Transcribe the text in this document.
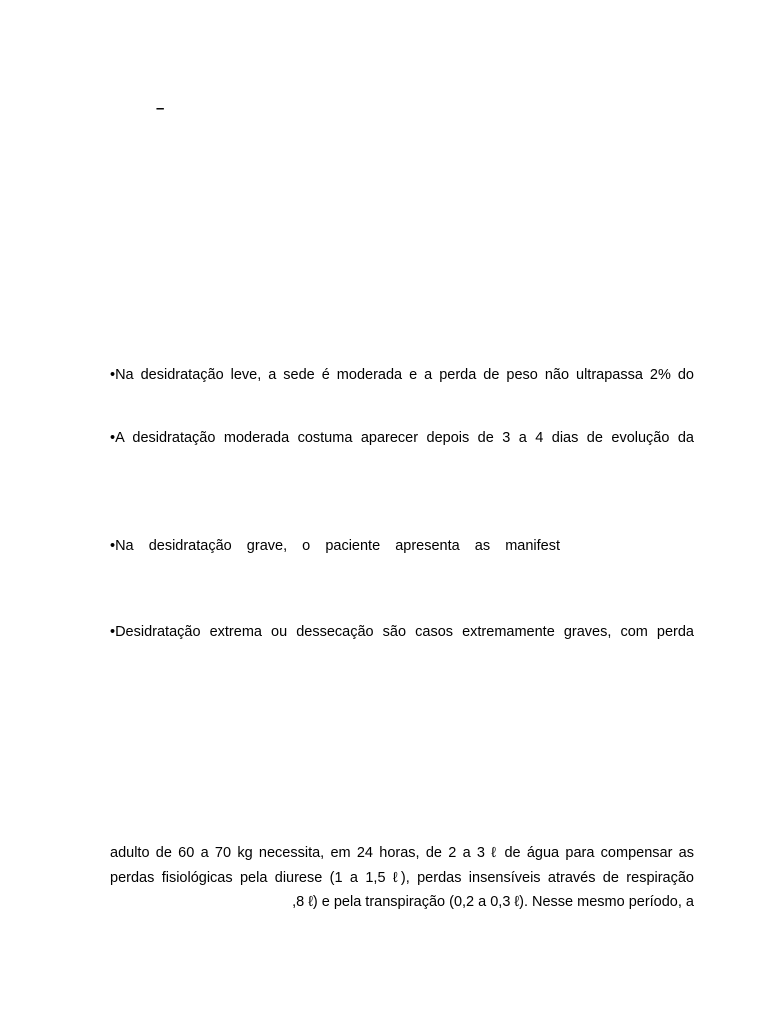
–
•Na desidratação leve, a sede é moderada e a perda de peso não ultrapassa 2% do
•A desidratação moderada costuma aparecer depois de 3 a 4 dias de evolução da
•Na desidratação grave, o paciente apresenta as manifest
•Desidratação extrema ou dessecação são casos extremamente graves, com perda
adulto de 60 a 70 kg necessita, em 24 horas, de 2 a 3 ℓ de água para compensar as
perdas fisiológicas pela diurese (1 a 1,5 ℓ), perdas insensíveis através de respiração
,8 ℓ) e pela transpiração (0,2 a 0,3 ℓ). Nesse mesmo período, a
